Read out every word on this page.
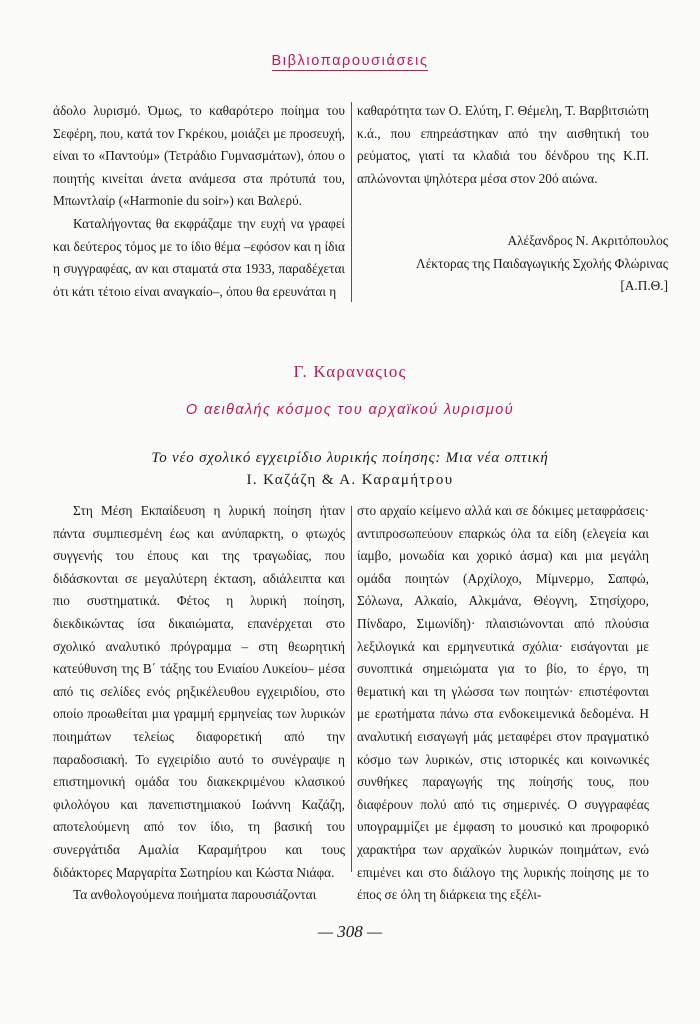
Βιβλιοπαρουσιάσεις

άδολο λυρισμό. Όμως, το καθαρότερο ποίημα του Σεφέρη, που, κατά τον Γκρέκου, μοιάζει με προσευχή, είναι το «Παντούμ» (Τετράδιο Γυμνασμάτων), όπου ο ποιητής κινείται άνετα ανάμεσα στα πρότυπά του, Μπωντλαίρ («Harmonie du soir») και Βαλερύ.

Καταλήγοντας θα εκφράζαμε την ευχή να γραφεί και δεύτερος τόμος με το ίδιο θέμα –εφόσον και η ίδια η συγγραφέας, αν και σταματά στα 1933, παραδέχεται ότι κάτι τέτοιο είναι αναγκαίο–, όπου θα ερευνάται η

καθαρότητα των Ο. Ελύτη, Γ. Θέμελη, Τ. Βαρβιτσιώτη κ.ά., που επηρεάστηκαν από την αισθητική του ρεύματος, γιατί τα κλαδιά του δένδρου της Κ.Π. απλώνονται ψηλότερα μέσα στον 20ό αιώνα.

Αλέξανδρος Ν. Ακριτόπουλος
Λέκτορας της Παιδαγωγικής Σχολής Φλώρινας
[Α.Π.Θ.]
Γ. Καραναςιος
Ο αειθαλής κόσμος του αρχαϊκού λυρισμού
Το νέο σχολικό εγχειρίδιο λυρικής ποίησης: Μια νέα οπτική
Ι. Καζάζη & Α. Καραμήτρου

Στη Μέση Εκπαίδευση η λυρική ποίηση ήταν πάντα συμπιεσμένη έως και ανύπαρκτη, ο φτωχός συγγενής του έπους και της τραγωδίας, που διδάσκονται σε μεγαλύτερη έκταση, αδιάλειπτα και πιο συστηματικά. Φέτος η λυρική ποίηση, διεκδικώντας ίσα δικαιώματα, επανέρχεται στο σχολικό αναλυτικό πρόγραμμα – στη θεωρητική κατεύθυνση της Β΄ τάξης του Ενιαίου Λυκείου– μέσα από τις σελίδες ενός ρηξικέλευθου εγχειριδίου, στο οποίο προωθείται μια γραμμή ερμηνείας των λυρικών ποιημάτων τελείως διαφορετική από την παραδοσιακή. Το εγχειρίδιο αυτό το συνέγραψε η επιστημονική ομάδα του διακεκριμένου κλασικού φιλολόγου και πανεπιστημιακού Ιωάννη Καζάζη, αποτελούμενη από τον ίδιο, τη βασική του συνεργάτιδα Αμαλία Καραμήτρου και τους διδάκτορες Μαργαρίτα Σωτηρίου και Κώστα Νιάφα.

Τα ανθολογούμενα ποιήματα παρουσιάζονται

στο αρχαίο κείμενο αλλά και σε δόκιμες μεταφράσεις· αντιπροσωπεύουν επαρκώς όλα τα είδη (ελεγεία και ίαμβο, μονωδία και χορικό άσμα) και μια μεγάλη ομάδα ποιητών (Αρχίλοχο, Μίμνερμο, Σαπφώ, Σόλωνα, Αλκαίο, Αλκμάνα, Θέογνη, Στησίχορο, Πίνδαρο, Σιμωνίδη)· πλαισιώνονται από πλούσια λεξιλογικά και ερμηνευτικά σχόλια· εισάγονται με συνοπτικά σημειώματα για το βίο, το έργο, τη θεματική και τη γλώσσα των ποιητών· επιστέφονται με ερωτήματα πάνω στα ενδοκειμενικά δεδομένα. Η αναλυτική εισαγωγή μάς μεταφέρει στον πραγματικό κόσμο των λυρικών, στις ιστορικές και κοινωνικές συνθήκες παραγωγής της ποίησής τους, που διαφέρουν πολύ από τις σημερινές. Ο συγγραφέας υπογραμμίζει με έμφαση το μουσικό και προφορικό χαρακτήρα των αρχαϊκών λυρικών ποιημάτων, ενώ επιμένει και στο διάλογο της λυρικής ποίησης με το έπος σε όλη τη διάρκεια της εξέλι-

— 308 —
